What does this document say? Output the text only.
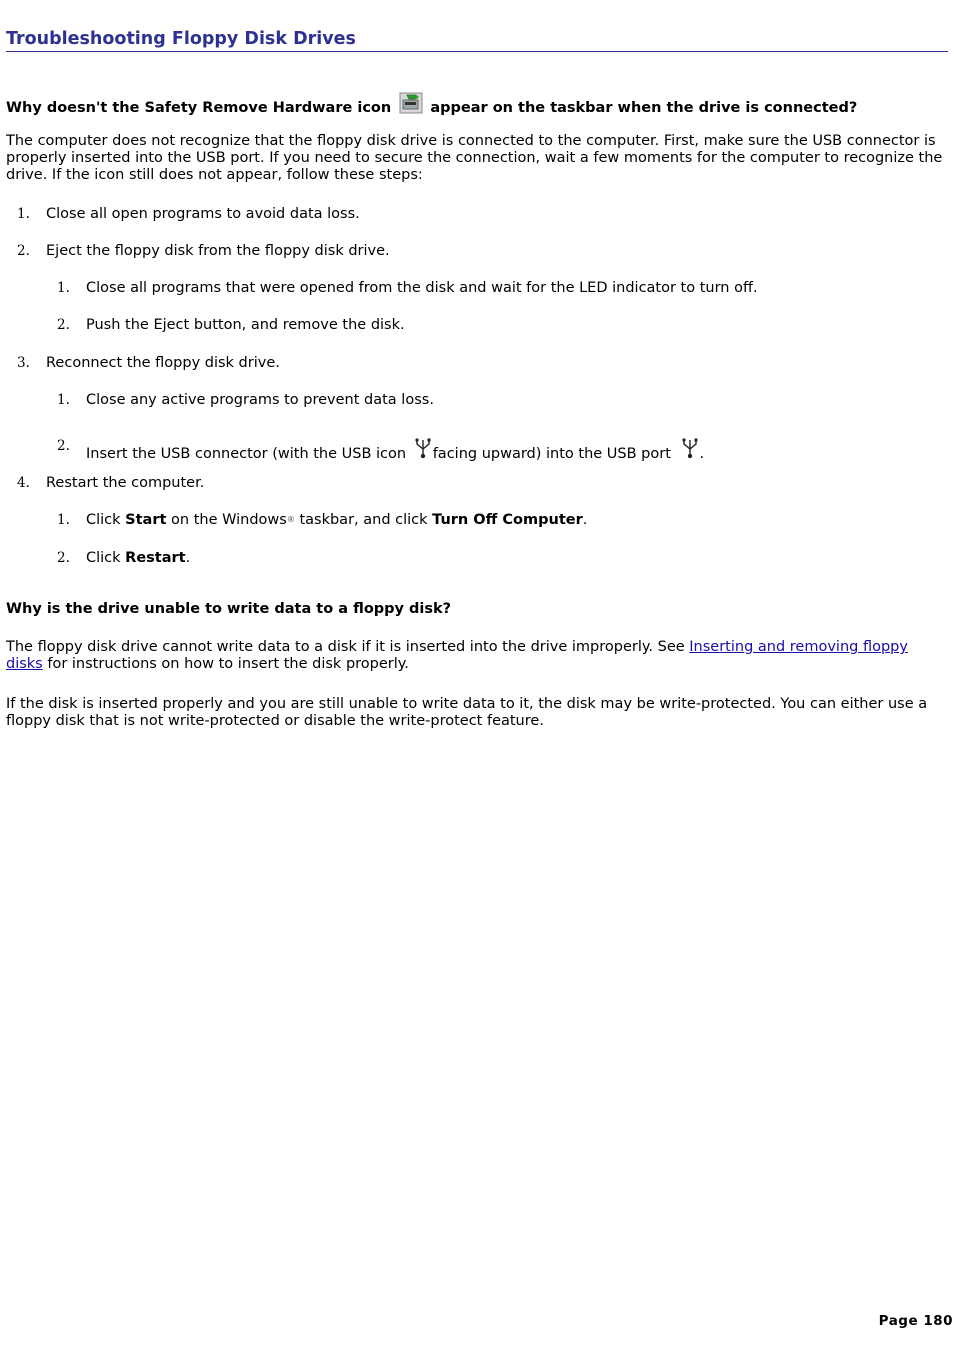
Troubleshooting Floppy Disk Drives
Why doesn't the Safety Remove Hardware icon	appear on the taskbar when the drive is connected?
The computer does not recognize that the floppy disk drive is connected to the computer. First, make sure the USB connector is properly inserted into the USB port. If you need to secure the connection, wait a few moments for the computer to recognize the drive. If the icon still does not appear, follow these steps:
1. Close all open programs to avoid data loss.
2. Eject the floppy disk from the floppy disk drive.
1. Close all programs that were opened from the disk and wait for the LED indicator to turn off.
2. Push the Eject button, and remove the disk.
3. Reconnect the floppy disk drive.
1. Close any active programs to prevent data loss.
2. Insert the USB connector (with the USB icon facing upward) into the USB port .
4. Restart the computer.
1. Click Start on the Windows® taskbar, and click Turn Off Computer.
2. Click Restart.
Why is the drive unable to write data to a floppy disk?
The floppy disk drive cannot write data to a disk if it is inserted into the drive improperly. See Inserting and removing floppy
disks for instructions on how to insert the disk properly.
If the disk is inserted properly and you are still unable to write data to it, the disk may be write-protected. You can either use a floppy disk that is not write-protected or disable the write-protect feature.
Page 180
